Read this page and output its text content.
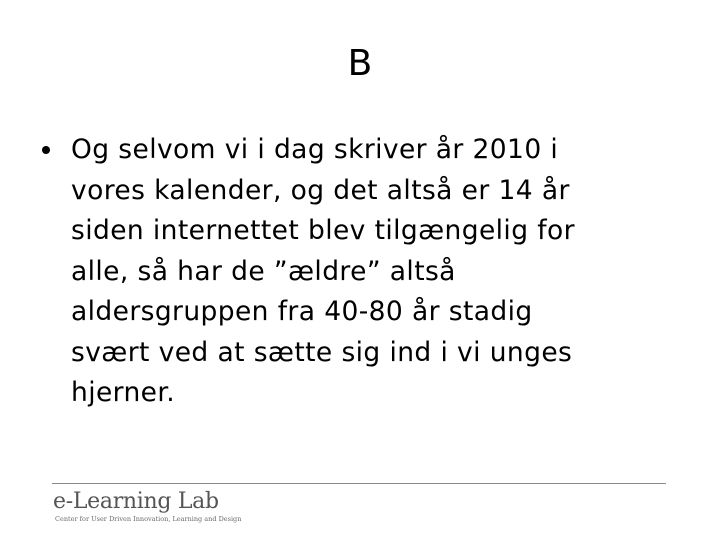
B
Og selvom vi i dag skriver år 2010 i
vores kalender, og det altså er 14 år
siden internettet blev tilgængelig for
alle, så har de ”ældre” altså
aldersgruppen fra 40-80 år stadig
svært ved at sætte sig ind i vi unges
hjerner.
e-Learning Lab
Center for User Driven Innovation, Learning and Design
